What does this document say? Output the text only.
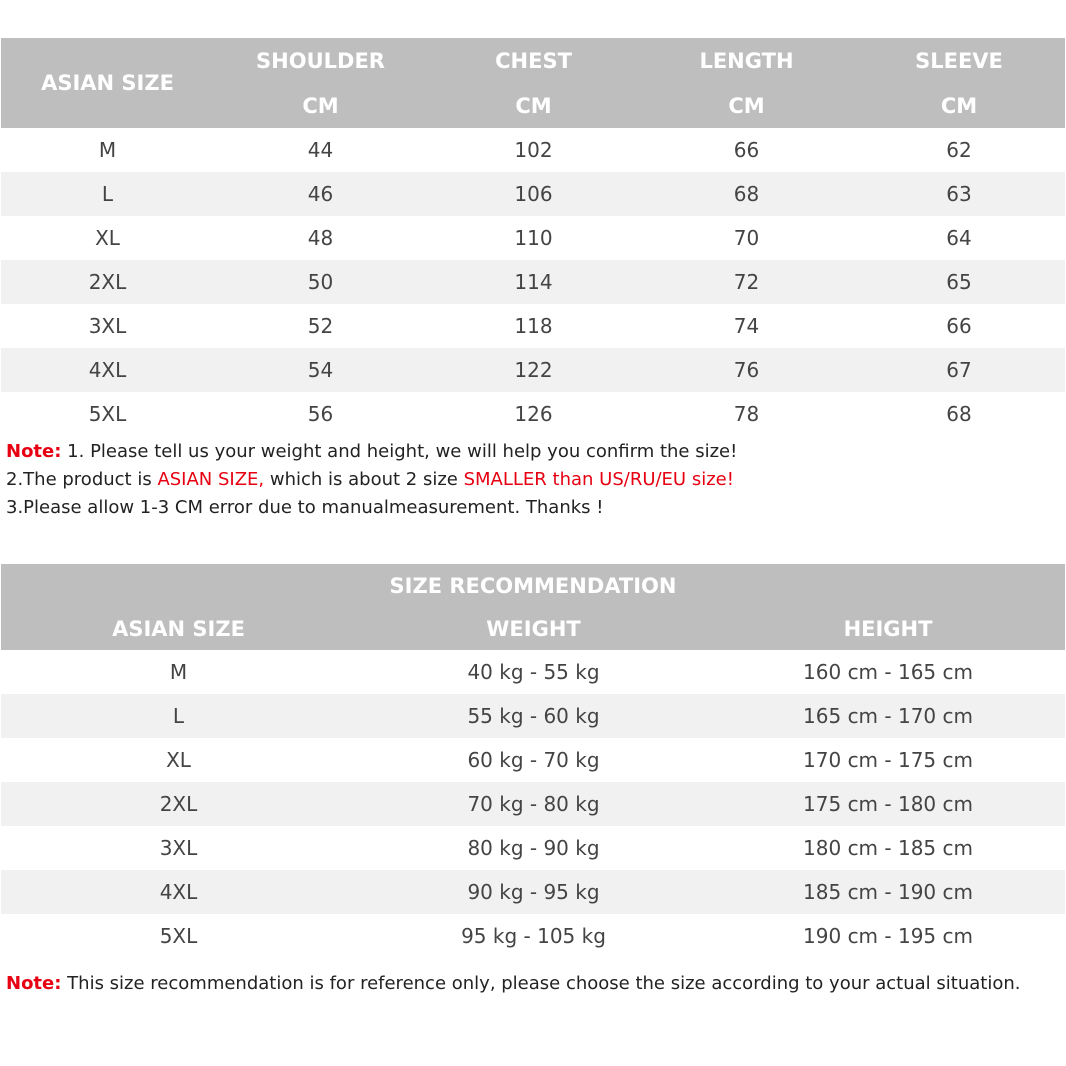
ASIAN SIZE	SHOULDER	CHEST	LENGTH	SLEEVE
	CM	CM	CM	CM
M	44	102	66	62
L	46	106	68	63
XL	48	110	70	64
2XL	50	114	72	65
3XL	52	118	74	66
4XL	54	122	76	67
5XL	56	126	78	68
Note: 1. Please tell us your weight and height, we will help you confirm the size!
2.The product is ASIAN SIZE, which is about 2 size SMALLER than US/RU/EU size!
3.Please allow 1-3 CM error due to manualmeasurement. Thanks !
SIZE RECOMMENDATION		
ASIAN SIZE	WEIGHT	HEIGHT
M	40 kg - 55 kg	160 cm - 165 cm
L	55 kg - 60 kg	165 cm - 170 cm
XL	60 kg - 70 kg	170 cm - 175 cm
2XL	70 kg - 80 kg	175 cm - 180 cm
3XL	80 kg - 90 kg	180 cm - 185 cm
4XL	90 kg - 95 kg	185 cm - 190 cm
5XL	95 kg - 105 kg	190 cm - 195 cm
Note: This size recommendation is for reference only, please choose the size according to your actual situation.
